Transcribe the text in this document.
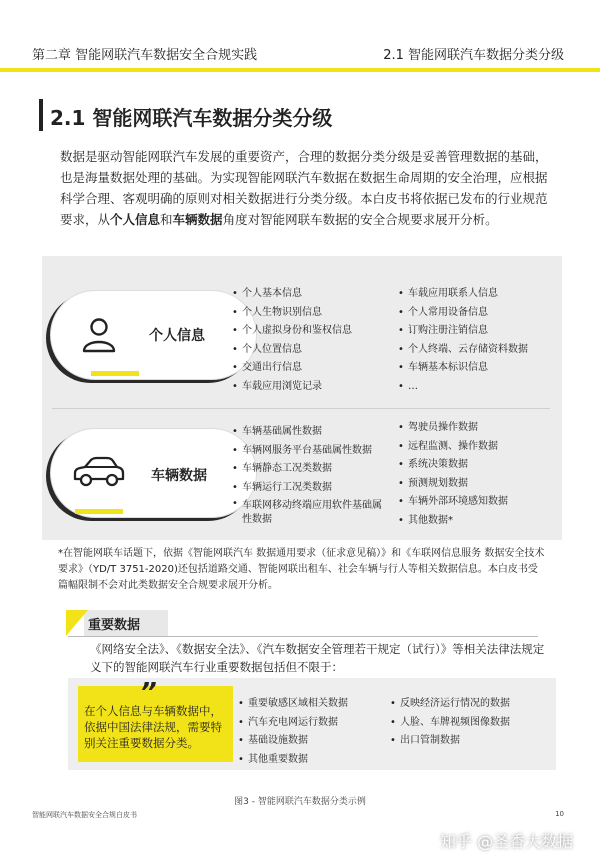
第二章 智能网联汽车数据安全合规实践	2.1 智能网联汽车数据分类分级
2.1 智能网联汽车数据分类分级
数据是驱动智能网联汽车发展的重要资产，合理的数据分类分级是妥善管理数据的基础，也是海量数据处理的基础。为实现智能网联汽车数据在数据生命周期的安全治理，应根据科学合理、客观明确的原则对相关数据进行分类分级。本白皮书将依据已发布的行业规范要求，从个人信息和车辆数据角度对智能网联车数据的安全合规要求展开分析。
个人信息
车辆数据
• 个人基本信息
• 个人生物识别信息
• 个人虚拟身份和鉴权信息
• 个人位置信息
• 交通出行信息
• 车载应用浏览记录
• 车载应用联系人信息
• 个人常用设备信息
• 订购注册注销信息
• 个人终端、云存储资料数据
• 车辆基本标识信息
• …
• 车辆基础属性数据
• 车辆网服务平台基础属性数据
• 车辆静态工况类数据
• 车辆运行工况类数据
• 车联网移动终端应用软件基础属性数据
• 驾驶员操作数据
• 远程监测、操作数据
• 系统决策数据
• 预测规划数据
• 车辆外部环境感知数据
• 其他数据*
*在智能网联车话题下，依据《智能网联汽车 数据通用要求（征求意见稿）》和《车联网信息服务 数据安全技术要求》（YD/T 3751-2020)还包括道路交通、智能网联出租车、社会车辆与行人等相关数据信息。本白皮书受篇幅限制不会对此类数据安全合规要求展开分析。
重要数据
《网络安全法》、《数据安全法》、《汽车数据安全管理若干规定（试行）》等相关法律法规定义下的智能网联汽车行业重要数据包括但不限于：
”
在个人信息与车辆数据中，依据中国法律法规，需要特别关注重要数据分类。
• 重要敏感区域相关数据
• 汽车充电网运行数据
• 基础设施数据
• 其他重要数据
• 反映经济运行情况的数据
• 人脸、车牌视频图像数据
• 出口管制数据
图3 - 智能网联汽车数据分类示例
智能网联汽车数据安全合规白皮书	10
知乎 @圣香大数据
